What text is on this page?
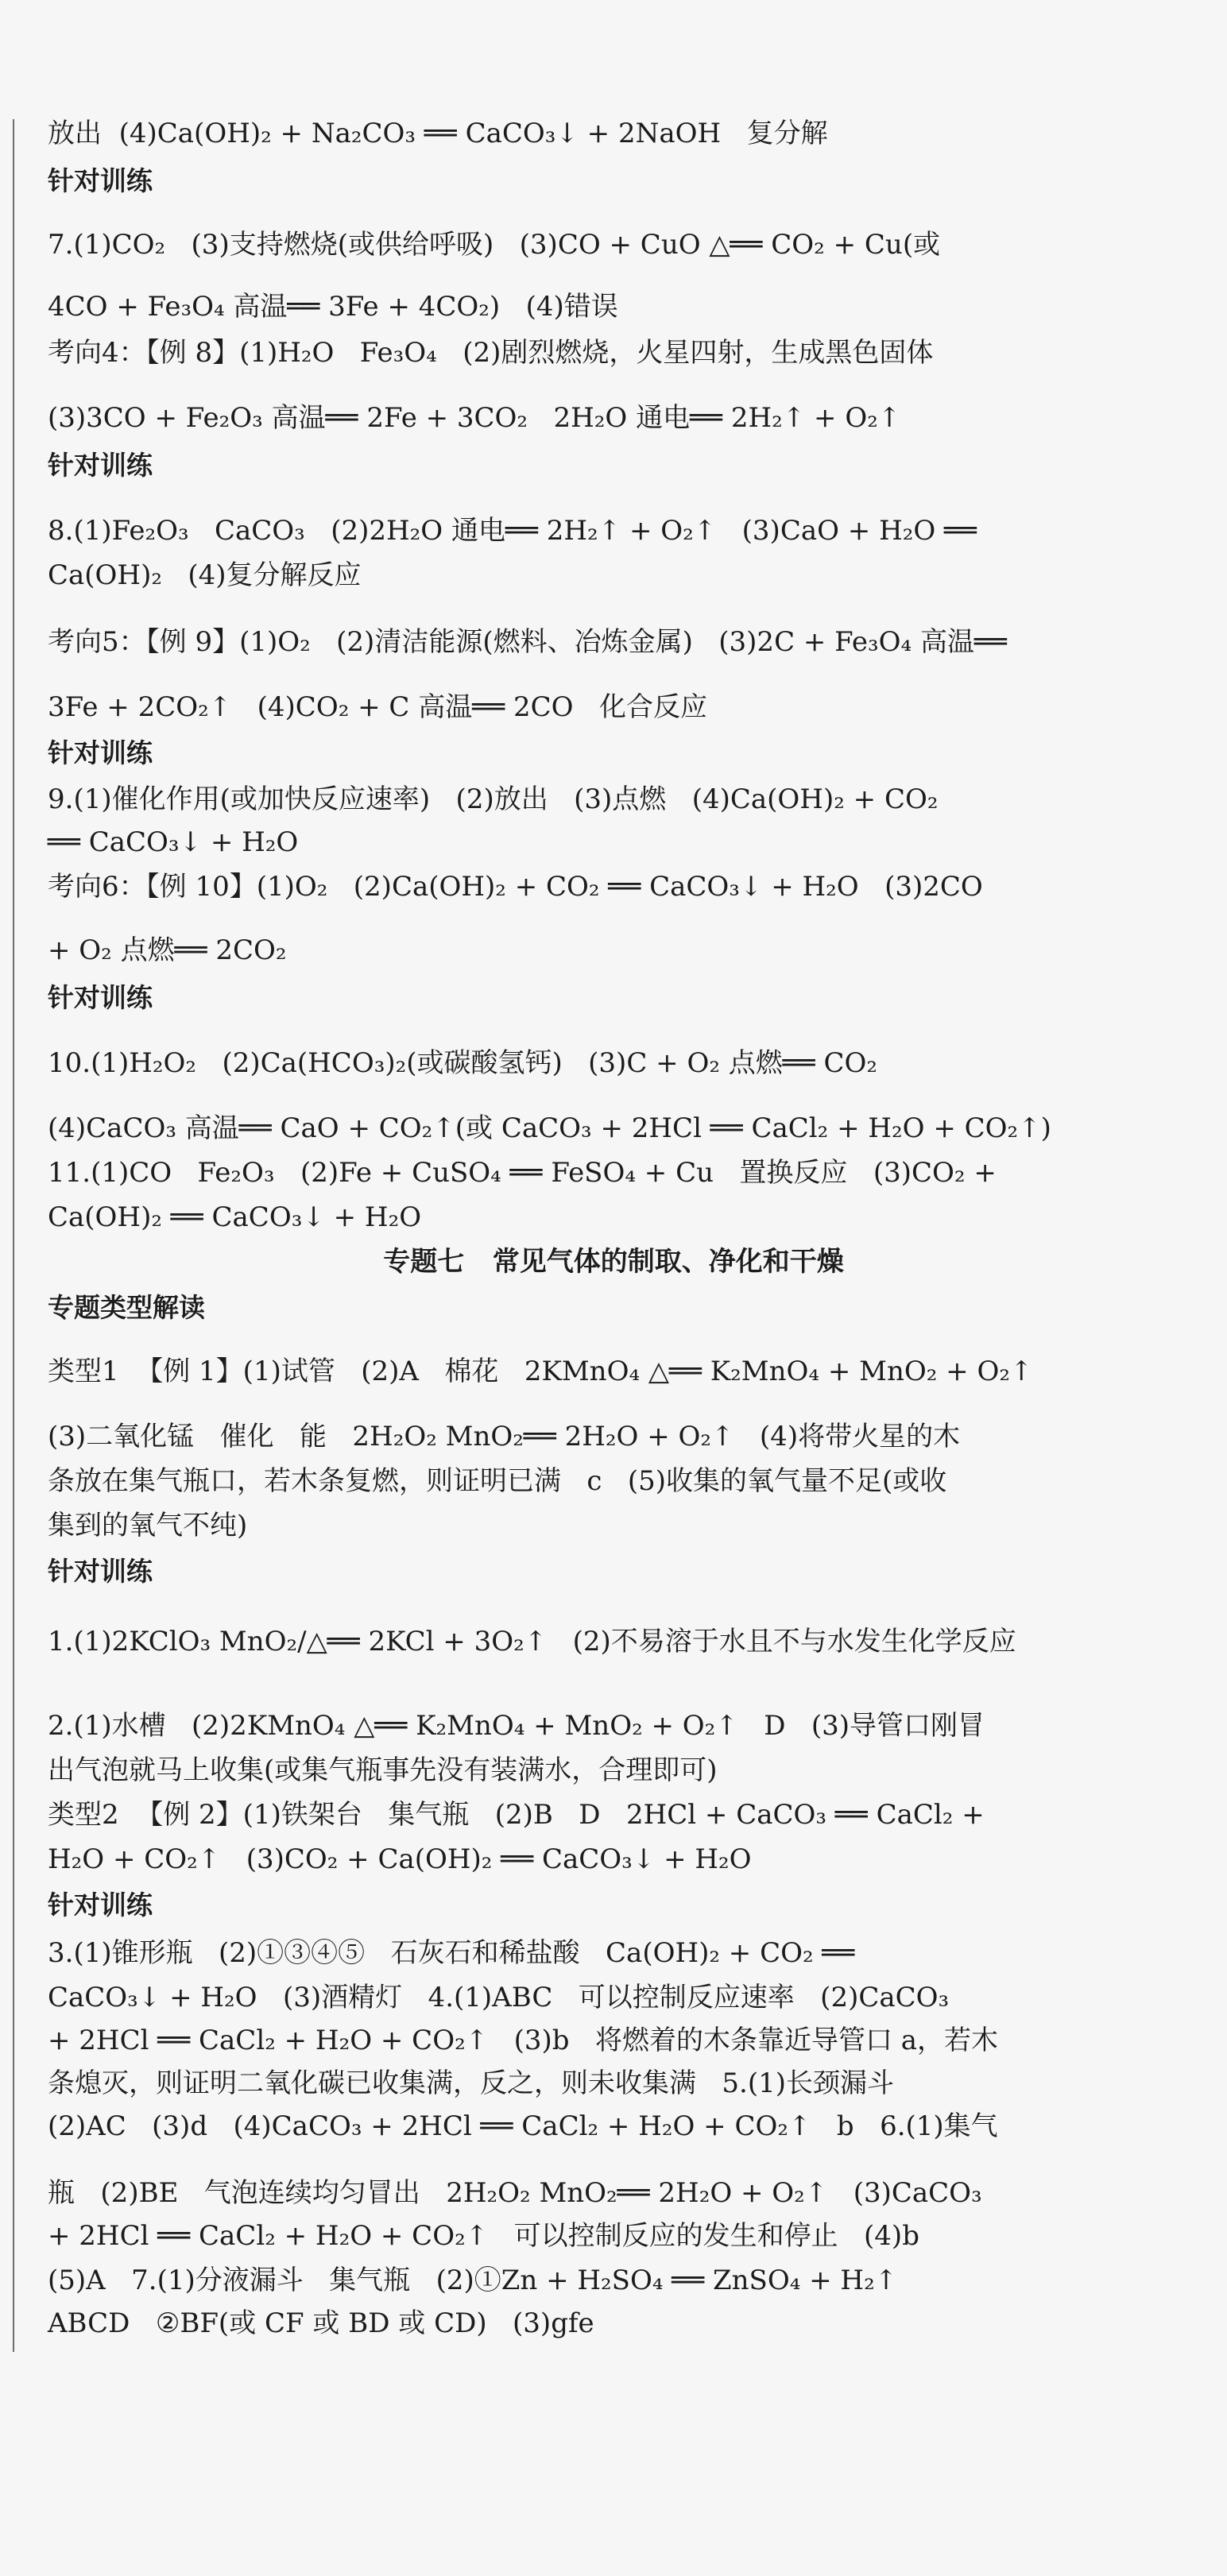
放出  (4)Ca(OH)₂ + Na₂CO₃ ══ CaCO₃↓ + 2NaOH   复分解
针对训练
7.(1)CO₂   (3)支持燃烧(或供给呼吸)   (3)CO + CuO △══ CO₂ + Cu(或
4CO + Fe₃O₄ 高温══ 3Fe + 4CO₂)   (4)错误
考向4：【例 8】(1)H₂O   Fe₃O₄   (2)剧烈燃烧，火星四射，生成黑色固体
(3)3CO + Fe₂O₃ 高温══ 2Fe + 3CO₂   2H₂O 通电══ 2H₂↑ + O₂↑
针对训练
8.(1)Fe₂O₃   CaCO₃   (2)2H₂O 通电══ 2H₂↑ + O₂↑   (3)CaO + H₂O ══
Ca(OH)₂   (4)复分解反应
考向5：【例 9】(1)O₂   (2)清洁能源(燃料、冶炼金属)   (3)2C + Fe₃O₄ 高温══
3Fe + 2CO₂↑   (4)CO₂ + C 高温══ 2CO   化合反应
针对训练
9.(1)催化作用(或加快反应速率)   (2)放出   (3)点燃   (4)Ca(OH)₂ + CO₂
══ CaCO₃↓ + H₂O
考向6：【例 10】(1)O₂   (2)Ca(OH)₂ + CO₂ ══ CaCO₃↓ + H₂O   (3)2CO
+ O₂ 点燃══ 2CO₂
针对训练
10.(1)H₂O₂   (2)Ca(HCO₃)₂(或碳酸氢钙)   (3)C + O₂ 点燃══ CO₂
(4)CaCO₃ 高温══ CaO + CO₂↑(或 CaCO₃ + 2HCl ══ CaCl₂ + H₂O + CO₂↑)
11.(1)CO   Fe₂O₃   (2)Fe + CuSO₄ ══ FeSO₄ + Cu   置换反应   (3)CO₂ +
Ca(OH)₂ ══ CaCO₃↓ + H₂O
专题七   常见气体的制取、净化和干燥
专题类型解读
类型1  【例 1】(1)试管   (2)A   棉花   2KMnO₄ △══ K₂MnO₄ + MnO₂ + O₂↑
(3)二氧化锰   催化   能   2H₂O₂ MnO₂══ 2H₂O + O₂↑   (4)将带火星的木
条放在集气瓶口，若木条复燃，则证明已满   c   (5)收集的氧气量不足(或收
集到的氧气不纯)
针对训练
1.(1)2KClO₃ MnO₂/△══ 2KCl + 3O₂↑   (2)不易溶于水且不与水发生化学反应
2.(1)水槽   (2)2KMnO₄ △══ K₂MnO₄ + MnO₂ + O₂↑   D   (3)导管口刚冒
出气泡就马上收集(或集气瓶事先没有装满水，合理即可)
类型2  【例 2】(1)铁架台   集气瓶   (2)B   D   2HCl + CaCO₃ ══ CaCl₂ +
H₂O + CO₂↑   (3)CO₂ + Ca(OH)₂ ══ CaCO₃↓ + H₂O
针对训练
3.(1)锥形瓶   (2)①③④⑤   石灰石和稀盐酸   Ca(OH)₂ + CO₂ ══
CaCO₃↓ + H₂O   (3)酒精灯   4.(1)ABC   可以控制反应速率   (2)CaCO₃
+ 2HCl ══ CaCl₂ + H₂O + CO₂↑   (3)b   将燃着的木条靠近导管口 a，若木
条熄灭，则证明二氧化碳已收集满，反之，则未收集满   5.(1)长颈漏斗
(2)AC   (3)d   (4)CaCO₃ + 2HCl ══ CaCl₂ + H₂O + CO₂↑   b   6.(1)集气
瓶   (2)BE   气泡连续均匀冒出   2H₂O₂ MnO₂══ 2H₂O + O₂↑   (3)CaCO₃
+ 2HCl ══ CaCl₂ + H₂O + CO₂↑   可以控制反应的发生和停止   (4)b
(5)A   7.(1)分液漏斗   集气瓶   (2)①Zn + H₂SO₄ ══ ZnSO₄ + H₂↑
ABCD   ②BF(或 CF 或 BD 或 CD)   (3)gfe
